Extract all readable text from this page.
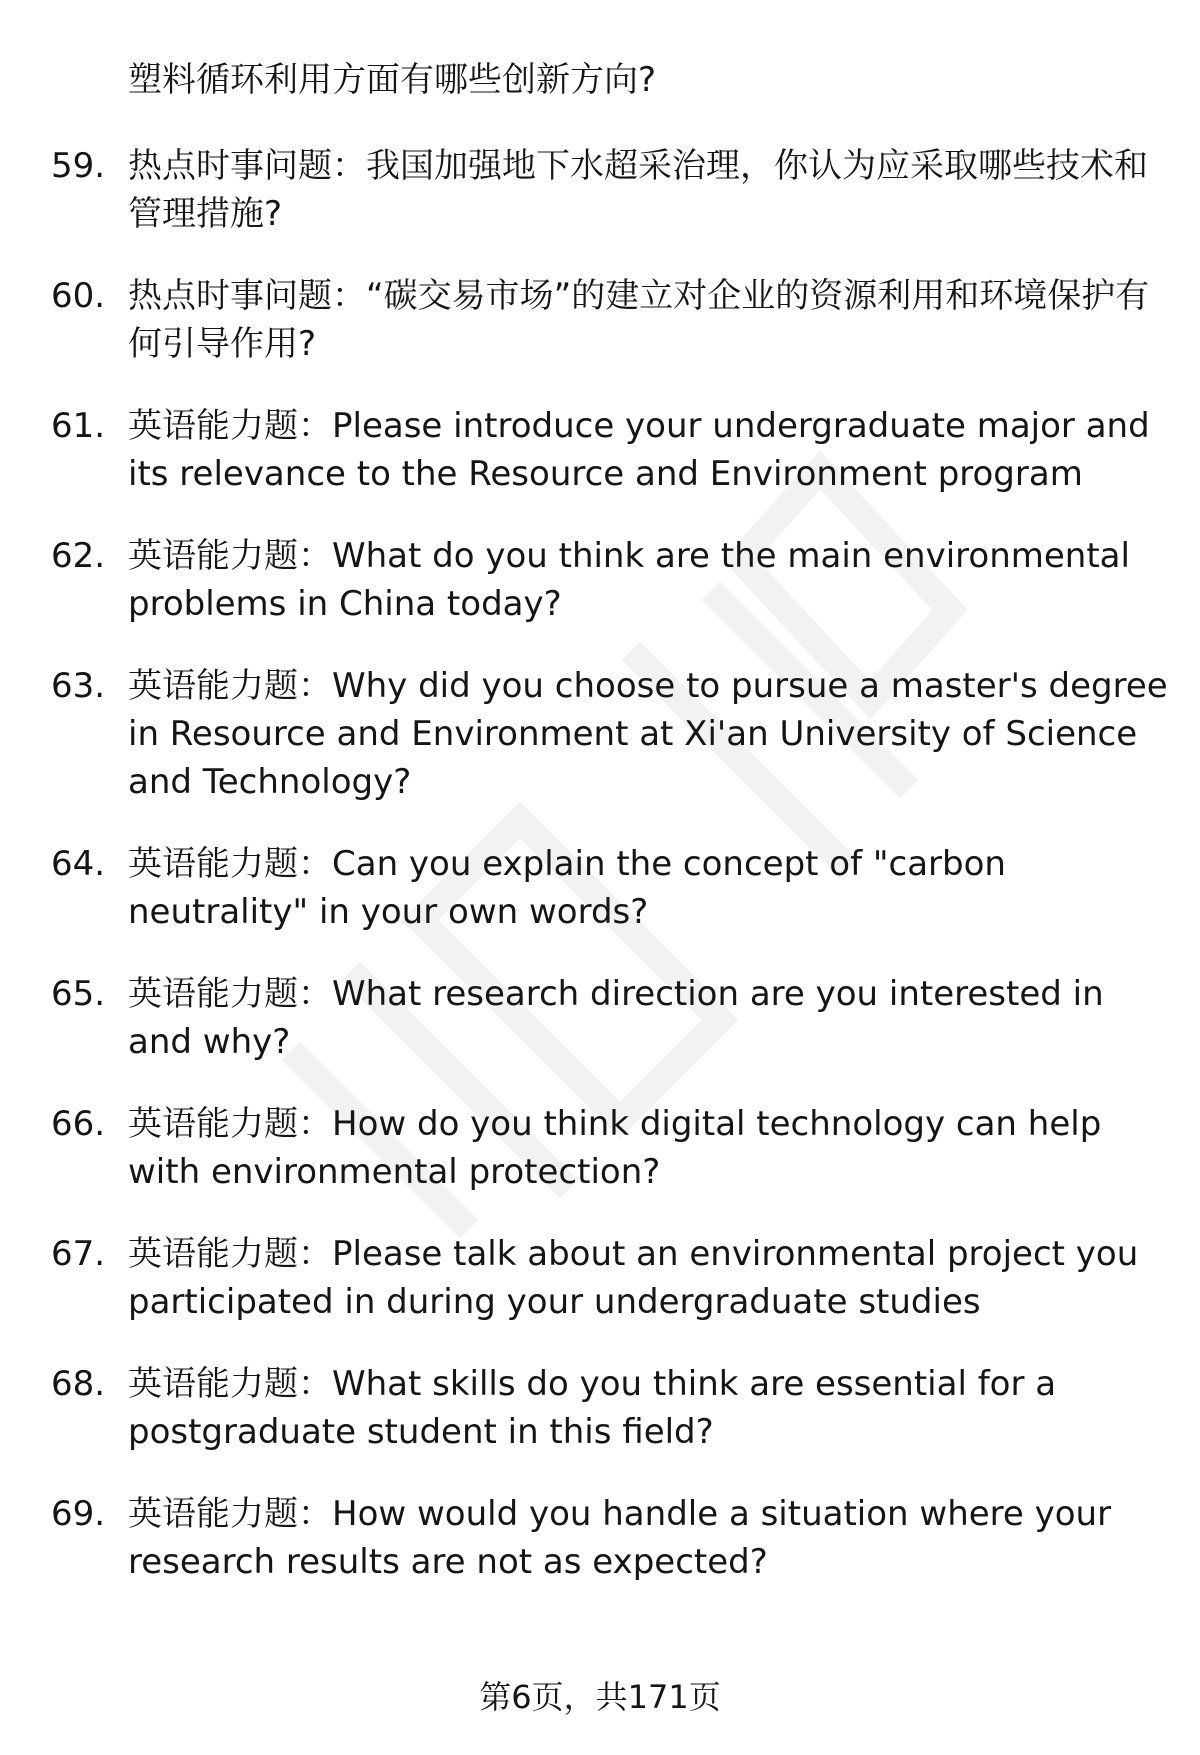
塑料循环利用方面有哪些创新方向?
59. 热点时事问题：我国加强地下水超采治理，你认为应采取哪些技术和管理措施?
60. 热点时事问题：“碳交易市场”的建立对企业的资源利用和环境保护有何引导作用?
61. 英语能力题：Please introduce your undergraduate major and its relevance to the Resource and Environment program
62. 英语能力题：What do you think are the main environmental problems in China today?
63. 英语能力题：Why did you choose to pursue a master's degree in Resource and Environment at Xi'an University of Science and Technology?
64. 英语能力题：Can you explain the concept of "carbon neutrality" in your own words?
65. 英语能力题：What research direction are you interested in and why?
66. 英语能力题：How do you think digital technology can help with environmental protection?
67. 英语能力题：Please talk about an environmental project you participated in during your undergraduate studies
68. 英语能力题：What skills do you think are essential for a postgraduate student in this field?
69. 英语能力题：How would you handle a situation where your research results are not as expected?
第6页，共171页
